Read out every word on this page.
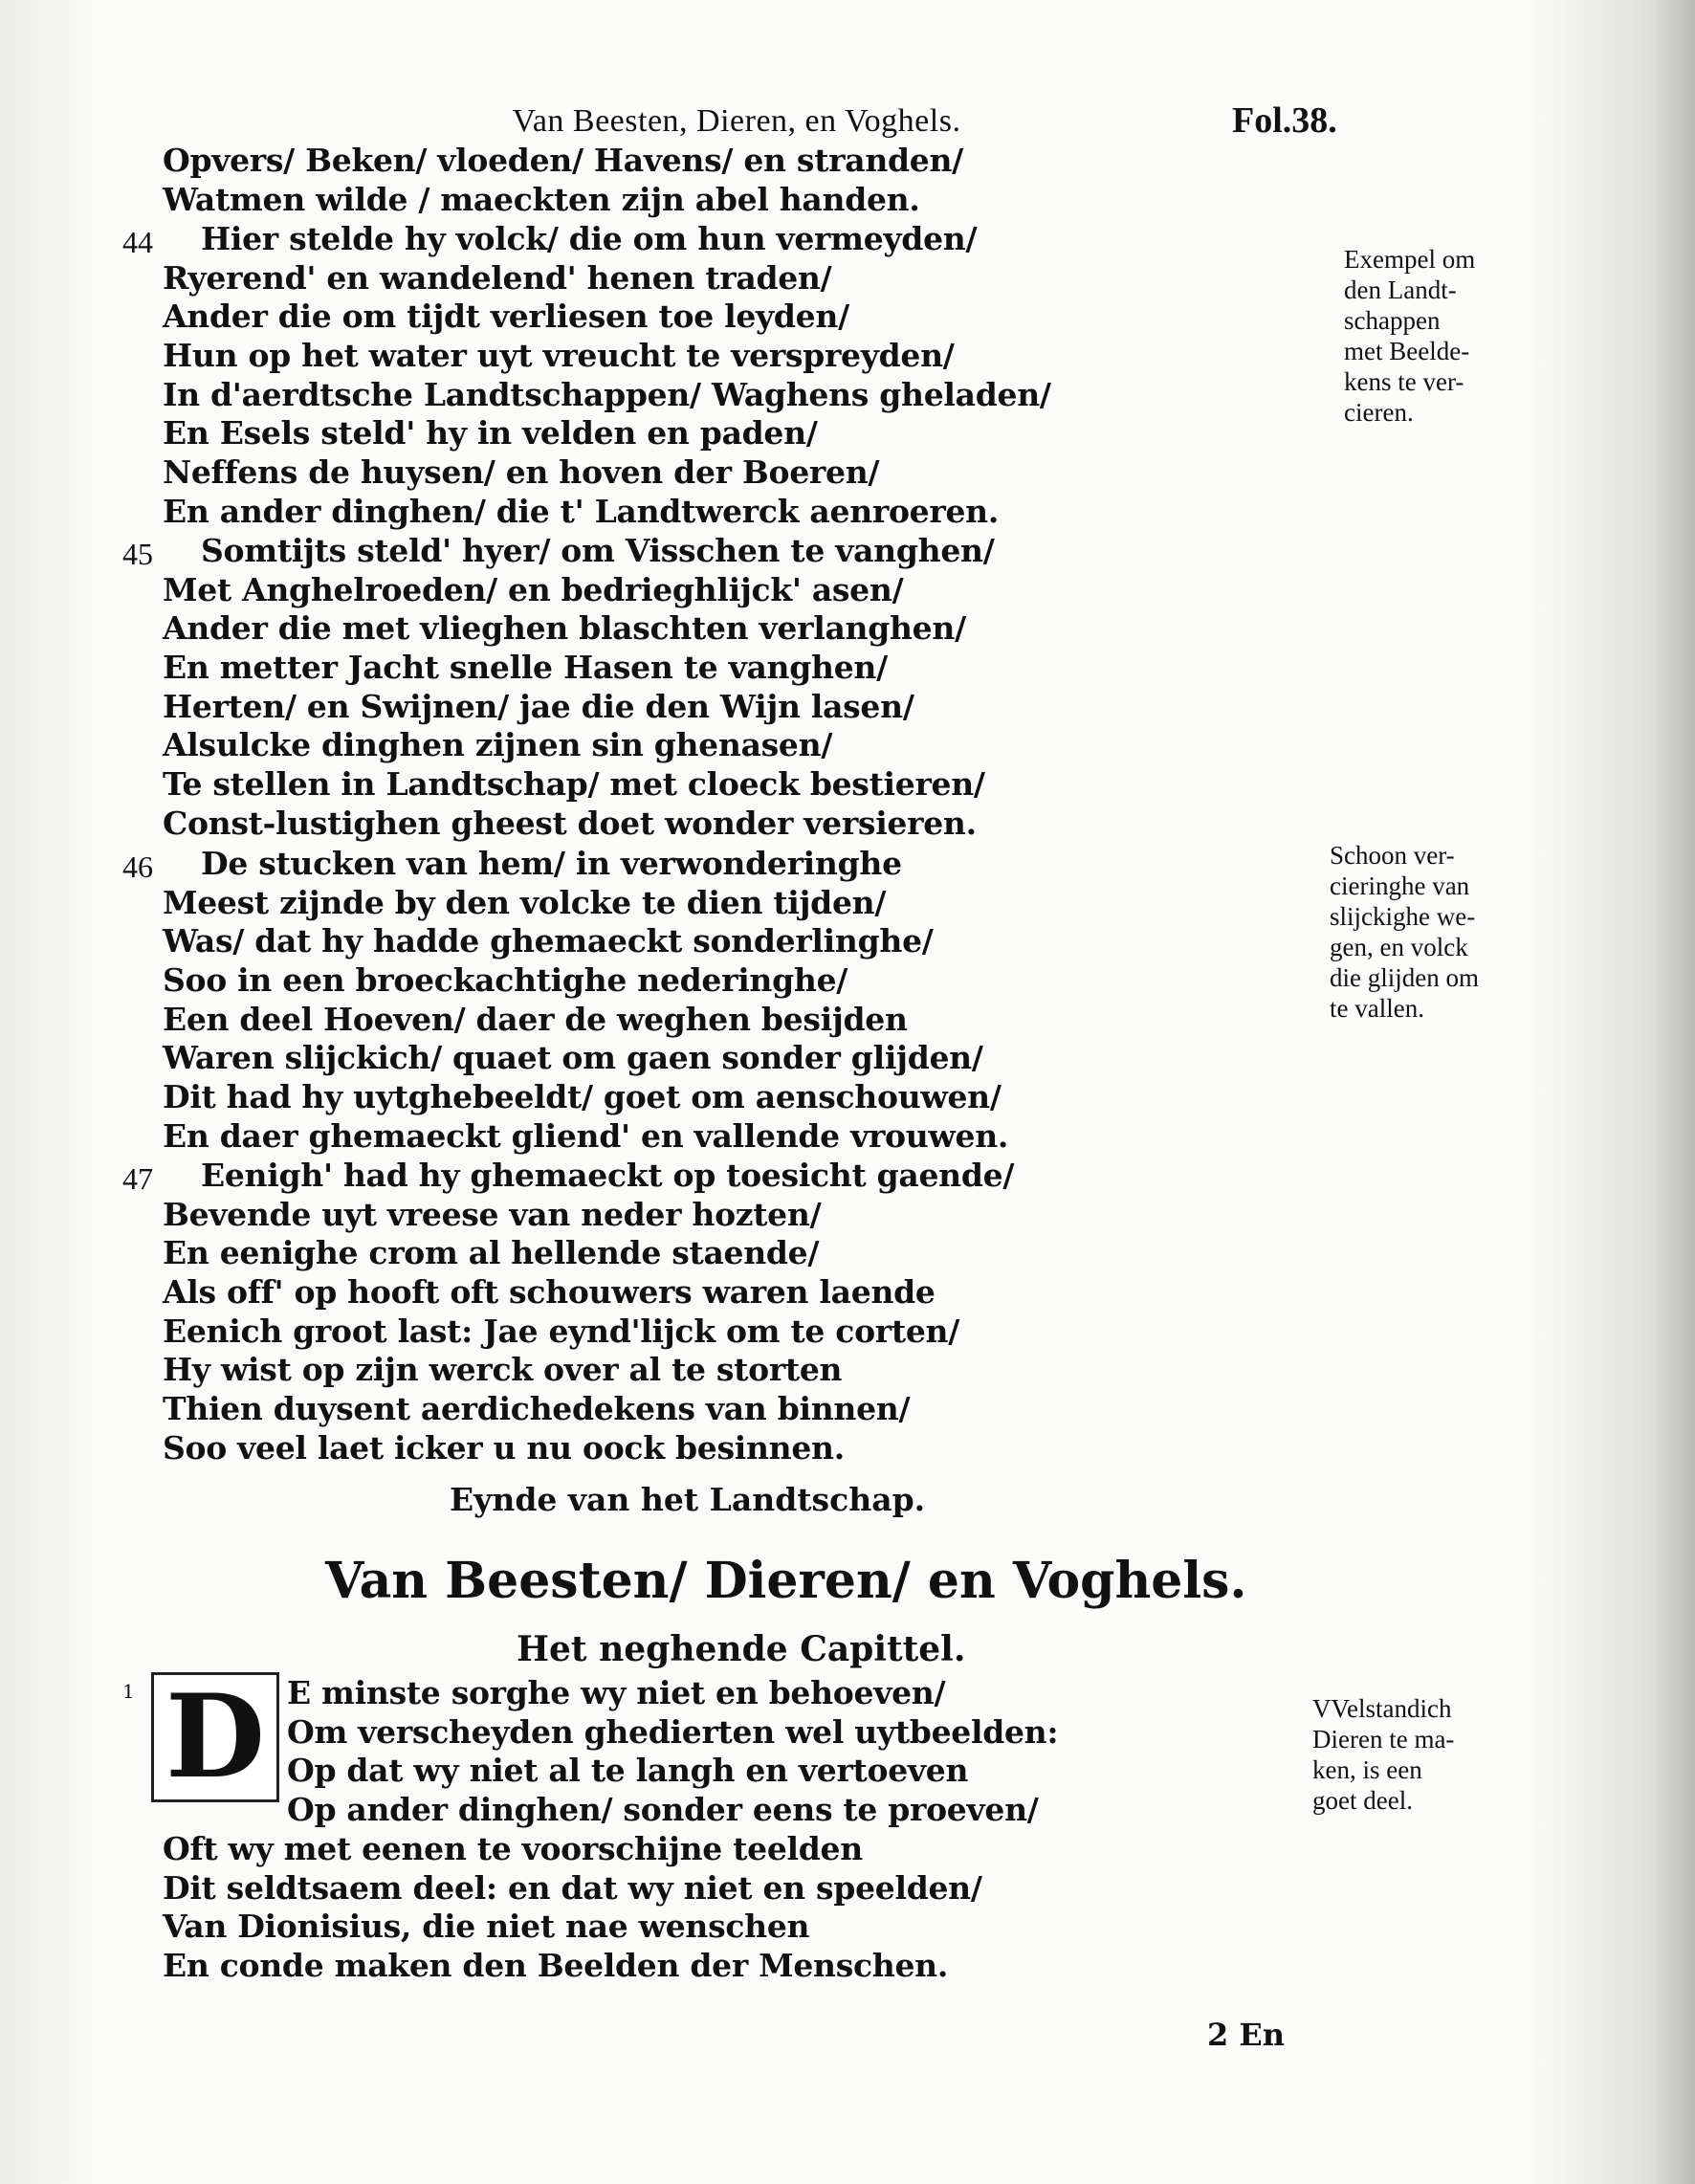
Van Beesten, Dieren, en Voghels.	Fol.38.
Opvers/ Beken/ vloeden/ Havens/ en stranden/
Watmen wilde / maeckten zijn abel handen.
44	Hier stelde hy volck/ die om hun vermeyden/
Ryerend' en wandelend' henen traden/
Ander die om tijdt verliesen toe leyden/
Hun op het water uyt vreucht te verspreyden/
In d'aerdtsche Landtschappen/ Waghens gheladen/
En Esels steld' hy in velden en paden/
Neffens de huysen/ en hoven der Boeren/
En ander dinghen/ die t' Landtwerck aenroeren.
45	Somtijts steld' hyer/ om Visschen te vanghen/
Met Anghelroeden/ en bedrieghlijck' asen/
Ander die met vlieghen blaschten verlanghen/
En metter Jacht snelle Hasen te vanghen/
Herten/ en Swijnen/ jae die den Wijn lasen/
Alsulcke dinghen zijnen sin ghenasen/
Te stellen in Landtschap/ met cloeck bestieren/
Const-lustighen gheest doet wonder versieren.
46	De stucken van hem/ in verwonderinghe
Meest zijnde by den volcke te dien tijden/
Was/ dat hy hadde ghemaeckt sonderlinghe/
Soo in een broeckachtighe nederinghe/
Een deel Hoeven/ daer de weghen besijden
Waren slijckich/ quaet om gaen sonder glijden/
Dit had hy uytghebeeldt/ goet om aenschouwen/
En daer ghemaeckt gliend' en vallende vrouwen.
47	Eenigh' had hy ghemaeckt op toesicht gaende/
Bevende uyt vreese van neder hozten/
En eenighe crom al hellende staende/
Als off' op hooft oft schouwers waren laende
Eenich groot last: Jae eynd'lijck om te corten/
Hy wist op zijn werck over al te storten
Thien duysent aerdichedekens van binnen/
Soo veel laet icker u nu oock besinnen.
Eynde van het Landtschap.
Van Beesten/ Dieren/ en Voghels.
Het neghende Capittel.
1 D E minste sorghe wy niet en behoeven/
Om verscheyden ghedierten wel uytbeelden:
Op dat wy niet al te langh en vertoeven
Op ander dinghen/ sonder eens te proeven/
Oft wy met eenen te voorschijne teelden
Dit seldtsaem deel: en dat wy niet en speelden/
Van Dionisius, die niet nae wenschen
En conde maken den Beelden der Menschen.
Exempel om
den Landt-
schappen
met Beelde-
kens te ver-
cieren.
Schoon ver-
cieringhe van
slijckighe we-
gen, en volck
die glijden om
te vallen.
VVelstandich
Dieren te ma-
ken, is een
goet deel.
2 En
